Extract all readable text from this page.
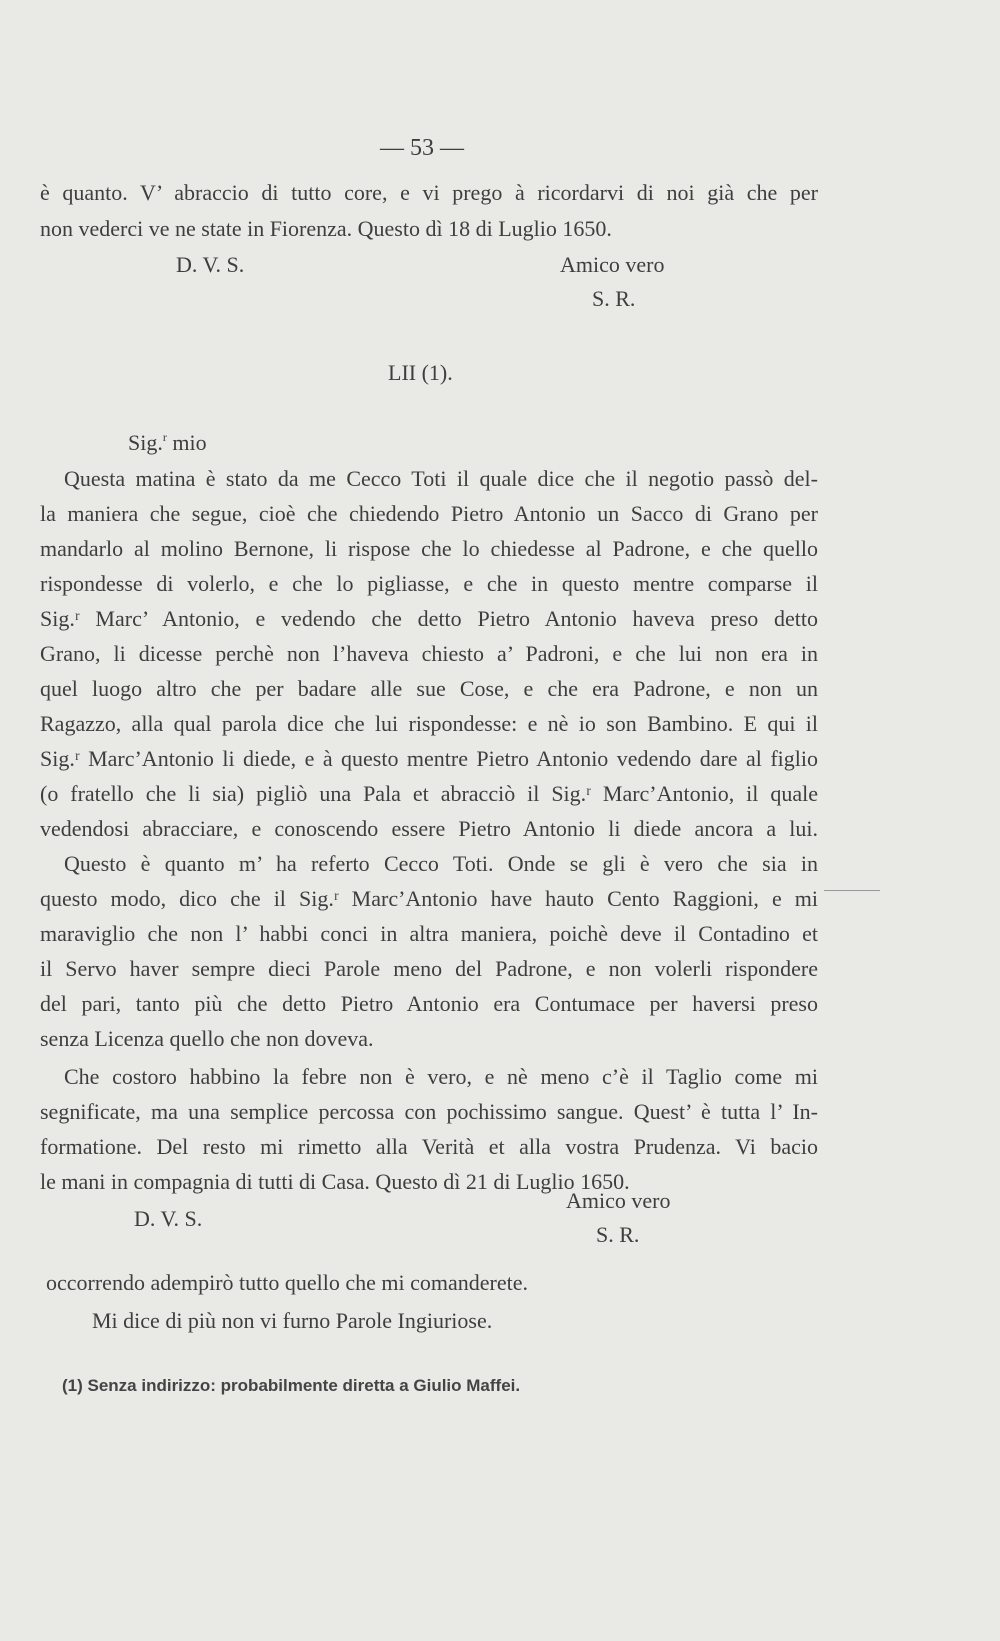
— 53 —
è quanto. V’ abraccio di tutto core, e vi prego à ricordarvi di noi già che per
non vederci ve ne state in Fiorenza. Questo dì 18 di Luglio 1650.
D. V. S.	Amico vero
S. R.
LII (1).
Sig.$^r$ mio
Questa matina è stato da me Cecco Toti il quale dice che il negotio passò del-
la maniera che segue, cioè che chiedendo Pietro Antonio un Sacco di Grano per
mandarlo al molino Bernone, li rispose che lo chiedesse al Padrone, e che quello
rispondesse di volerlo, e che lo pigliasse, e che in questo mentre comparse il
Sig.ʳ Marc’ Antonio, e vedendo che detto Pietro Antonio haveva preso detto
Grano, li dicesse perchè non l’haveva chiesto a’ Padroni, e che lui non era in
quel luogo altro che per badare alle sue Cose, e che era Padrone, e non un
Ragazzo, alla qual parola dice che lui rispondesse: e nè io son Bambino. E qui il
Sig.ʳ Marc’Antonio li diede, e à questo mentre Pietro Antonio vedendo dare al figlio
(o fratello che li sia) pigliò una Pala et abracciò il Sig.ʳ Marc’Antonio, il quale
vedendosi abracciare, e conoscendo essere Pietro Antonio li diede ancora a lui.
Questo è quanto m’ ha referto Cecco Toti. Onde se gli è vero che sia in
questo modo, dico che il Sig.ʳ Marc’Antonio have hauto Cento Raggioni, e mi
maraviglio che non l’ habbi conci in altra maniera, poichè deve il Contadino et
il Servo haver sempre dieci Parole meno del Padrone, e non volerli rispondere
del pari, tanto più che detto Pietro Antonio era Contumace per haversi preso
senza Licenza quello che non doveva.
Che costoro habbino la febre non è vero, e nè meno c’è il Taglio come mi
segnificate, ma una semplice percossa con pochissimo sangue. Quest’ è tutta l’ In-
formatione. Del resto mi rimetto alla Verità et alla vostra Prudenza. Vi bacio
le mani in compagnia di tutti di Casa. Questo dì 21 di Luglio 1650.
Amico vero
D. V. S.
S. R.
occorrendo adempirò tutto quello che mi comanderete.
Mi dice di più non vi furno Parole Ingiuriose.
(1) Senza indirizzo: probabilmente diretta a Giulio Maffei.
